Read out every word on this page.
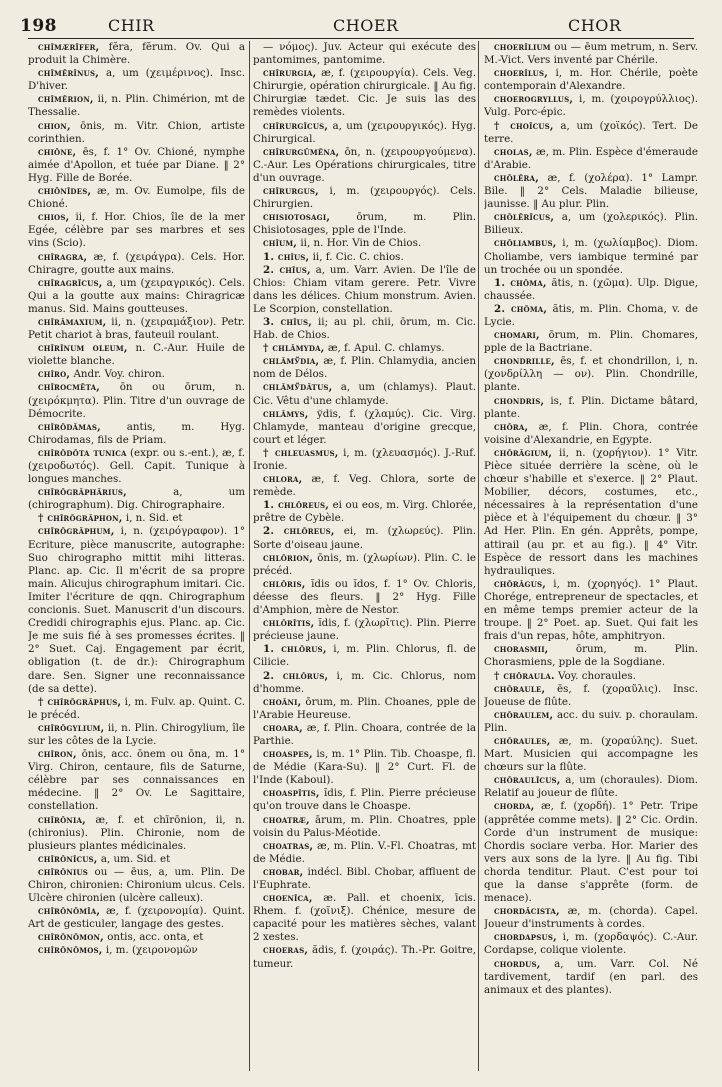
198	CHIR	CHOER	CHOR

chīmærĭfer, fĕra, fĕrum. Ov. Qui a produit la Chimère.

chīmĕrīnus, a, um (χειμέρινος). Insc. D'hiver.

chīmĕrion, ii, n. Plin. Chimérion, mt de Thessalie.

chion, ōnis, m. Vitr. Chion, artiste corinthien.

chiŏne, ēs, f. 1° Ov. Chioné, nymphe aimée d'Apollon, et tuée par Diane. ‖ 2° Hyg. Fille de Borée.

chiŏnĭdes, æ, m. Ov. Eumolpe, fils de Chioné.

chios, ii, f. Hor. Chios, île de la mer Egée, célèbre par ses marbres et ses vins (Scio).

chīragra, æ, f. (χειράγρα). Cels. Hor. Chiragre, goutte aux mains.

chīragrĭcus, a, um (χειραγρικός). Cels. Qui a la goutte aux mains: Chiragricæ manus. Sid. Mains goutteuses.

chīrāmaxium, ii, n. (χειραμάξιον). Petr. Petit chariot à bras, fauteuil roulant.

chīrĭnum oleum, n. C.-Aur. Huile de violette blanche.

chīro, Andr. Voy. chiron.

chīrocmēta, ōn ou ōrum, n. (χειρόκμητα). Plin. Titre d'un ouvrage de Démocrite.

chīrŏdămas,	antis, m. Hyg. Chirodamas, fils de Priam.

chīrŏdōta tunica (expr. ou s.-ent.), æ, f. (χειροδωτός). Gell. Capit. Tunique à longues manches.

chīrŏgrăphārius,	a, um (chirographum). Dig. Chirographaire.

† chīrŏgrăphon, i, n. Sid. et

chīrŏgrăphum, i, n. (χειρόγραφον). 1° Ecriture, pièce manuscrite, autographe: Suo chirographo mittit mihi litteras. Planc. ap. Cic. Il m'écrit de sa propre main. Alicujus chirographum imitari. Cic. Imiter l'écriture de qqn. Chirographum concionis. Suet. Manuscrit d'un discours. Credidi chirographis ejus. Planc. ap. Cic. Je me suis fié à ses promesses écrites. ‖ 2° Suet. Caj. Engagement par écrit, obligation (t. de dr.): Chirographum dare. Sen. Signer une reconnaissance (de sa dette).

† chīrŏgrăphus, i, m. Fulv. ap. Quint. C. le précéd.

chīrŏgylium, ii, n. Plin. Chirogylium, île sur les côtes de la Lycie.

chīron, ōnis, acc. ōnem ou ōna, m. 1° Virg. Chiron, centaure, fils de Saturne, célèbre par ses connaissances en médecine. ‖ 2° Ov. Le Sagittaire, constellation.

chīrōnia, æ, f. et chīrōnion, ii, n. (chironius). Plin. Chironie, nom de plusieurs plantes médicinales.

chīrōnīcus, a, um. Sid. et

chīrōnius ou — ēus, a, um. Plin. De Chiron, chironien: Chironium ulcus. Cels. Ulcère chironien (ulcère calleux).

chīrŏnŏmĭa, æ, f. (χειρονομία). Quint. Art de gesticuler, langage des gestes.

chīrŏnŏmon, ontis, acc. onta, et

chīrŏnŏmos, i, m. (χειρονομῶν

— νόμος). Juv. Acteur qui exécute des pantomimes, pantomime.

chīrurgia, æ, f. (χειρουργία). Cels. Veg. Chirurgie, opération chirurgicale. ‖ Au fig. Chirurgiæ tædet. Cic. Je suis las des remèdes violents.

chīrurgĭcus, a, um (χειρουργικός). Hyg. Chirurgical.

chīrurgūmĕna, ōn, n. (χειρουργούμενα). C.-Aur. Les Opérations chirurgicales, titre d'un ouvrage.

chīrurgus, i, m. (χειρουργός). Cels. Chirurgien.

chisiotosagi,	ōrum, m. Plin. Chisiotosages, pple de l'Inde.

chīum, ii, n. Hor. Vin de Chios.

1. chīus, ii, f. Cic. C. chios.

2. chīus, a, um. Varr. Avien. De l'île de Chios: Chiam vitam gerere. Petr. Vivre dans les délices. Chium monstrum. Avien. Le Scorpion, constellation.

3. chīus, ii; au pl. chii, ōrum, m. Cic. Hab. de Chios.

† chlămyda, æ, f. Apul. C. chlamys.

chlămўdia, æ, f. Plin. Chlamydia, ancien nom de Délos.

chlămўdātus, a, um (chlamys). Plaut. Cic. Vêtu d'une chlamyde.

chlămys, ўdis, f. (χλαμύς). Cic. Virg. Chlamyde, manteau d'origine grecque, court et léger.

† chleuasmus, i, m. (χλευασμός). J.-Ruf. Ironie.

chlora, æ, f. Veg. Chlora, sorte de remède.

1. chlŏreus, ei ou eos, m. Virg. Chlorée, prêtre de Cybèle.

2. chlŏreus, ei, m. (χλωρεύς). Plin. Sorte d'oiseau jaune.

chlōrion, ōnis, m. (χλωρίων). Plin. C. le précéd.

chlōris, ĭdis ou ĭdos, f. 1° Ov. Chloris, déesse des fleurs. ‖ 2° Hyg. Fille d'Amphion, mère de Nestor.

chlōrītis, ĭdis, f. (χλωρῖτις). Plin. Pierre précieuse jaune.

1. chlōrus, i, m. Plin. Chlorus, fl. de Cilicie.

2. chlōrus, i, m. Cic. Chlorus, nom d'homme.

choăni, ōrum, m. Plin. Choanes, pple de l'Arabie Heureuse.

choara, æ, f. Plin. Choara, contrée de la Parthie.

choaspes, is, m. 1° Plin. Tib. Choaspe, fl. de Médie (Kara-Su). ‖ 2° Curt. Fl. de l'Inde (Kaboul).

choaspītis, ĭdis, f. Plin. Pierre précieuse qu'on trouve dans le Choaspe.

choatræ, ārum, m. Plin. Choatres, pple voisin du Palus-Méotide.

choatras, æ, m. Plin. V.-Fl. Choatras, mt de Médie.

chobar, indécl. Bibl. Chobar, affluent de l'Euphrate.

choenīca, æ. Pall. et choenix, īcis. Rhem. f. (χοῖνιξ). Chénice, mesure de capacité pour les matières sèches, valant 2 xestes.

choeras, ădis, f. (χοιράς). Th.-Pr. Goitre, tumeur.

choerīlium ou — ēum metrum, n. Serv. M.-Vict. Vers inventé par Chérile.

choerīlus, i, m. Hor. Chérile, poète contemporain d'Alexandre.

choerogryllus, i, m. (χοιρογρύλλιος). Vulg. Porc-épic.

† choīcus, a, um (χοϊκός). Tert. De terre.

cholas, æ, m. Plin. Espèce d'émeraude d'Arabie.

chŏlĕra, æ, f. (χολέρα). 1° Lampr. Bile. ‖ 2° Cels. Maladie bilieuse, jaunisse. ‖ Au plur. Plin.

chŏlĕrĭcus, a, um (χολερικός). Plin. Bilieux.

chōliambus, i, m. (χωλίαμβος). Diom. Choliambe, vers iambique terminé par un trochée ou un spondée.

1. chōma, ătis, n. (χῶμα). Ulp. Digue, chaussée.

2. chōma, ătis, m. Plin. Choma, v. de Lycie.

chomari, ōrum, m. Plin. Chomares, pple de la Bactriane.

chondrille, ēs, f. et chondrillon, i, n. (χονδρίλλη — ον). Plin. Chondrille, plante.

chondris, is, f. Plin. Dictame bâtard, plante.

chōra, æ, f. Plin. Chora, contrée voisine d'Alexandrie, en Egypte.

chŏrāgium, ii, n. (χορήγιον). 1° Vitr. Pièce située derrière la scène, où le chœur s'habille et s'exerce. ‖ 2° Plaut. Mobilier, décors, costumes, etc., nécessaires à la représentation d'une pièce et à l'équipement du chœur. ‖ 3° Ad Her. Plin. En gén. Apprêts, pompe, attirail (au pr. et au fig.). ‖ 4° Vitr. Espèce de ressort dans les machines hydrauliques.

chŏrāgus, i, m. (χορηγός). 1° Plaut. Chorége, entrepreneur de spectacles, et en même temps premier acteur de la troupe. ‖ 2° Poet. ap. Suet. Qui fait les frais d'un repas, hôte, amphitryon.

chorasmii,	ōrum, m. Plin. Chorasmiens, pple de la Sogdiane.

† chŏraula. Voy. choraules.

chŏraule, ēs, f. (χοραῦλις). Insc. Joueuse de flûte.

chŏraulem, acc. du suiv. p. choraulam. Plin.

chŏraules, æ, m. (χοραύλης). Suet. Mart. Musicien qui accompagne les chœurs sur la flûte.

chŏraulĭcus, a, um (choraules). Diom. Relatif au joueur de flûte.

chorda, æ, f. (χορδή). 1° Petr. Tripe (apprêtée comme mets). ‖ 2° Cic. Ordin. Corde d'un instrument de musique: Chordis sociare verba. Hor. Marier des vers aux sons de la lyre. ‖ Au fig. Tibi chorda tenditur. Plaut. C'est pour toi que la danse s'apprête (form. de menace).

chordăcista, æ, m. (chorda). Capel. Joueur d'instruments à cordes.

chordapsus, i, m. (χορδαψός). C.-Aur. Cordapse, colique violente.

chordus, a, um. Varr. Col. Né tardivement, tardif (en parl. des animaux et des plantes).
